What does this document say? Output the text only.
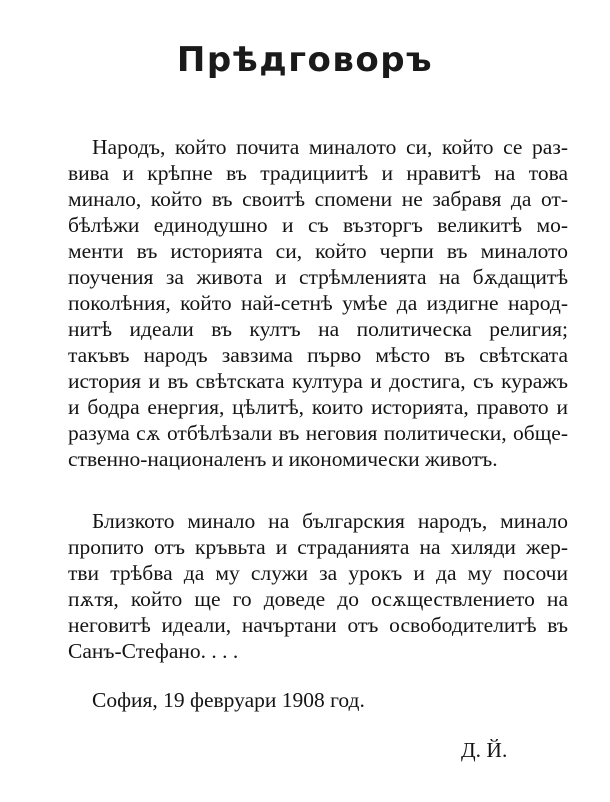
Прѣдговоръ
Народъ, който почита миналото си, който се раз-
вива и крѣпне въ традициитѣ и нравитѣ на това
минало, който въ своитѣ спомени не забравя да от-
бѣлѣжи единодушно и съ възторгъ великитѣ мо-
менти въ историята си, който черпи въ миналото
поучения за живота и стрѣмленията на бѫдащитѣ
поколѣния, който най-сетнѣ умѣе да издигне народ-
нитѣ идеали въ култъ на политическа религия;
такъвъ народъ завзима първо мѣсто въ свѣтската
история и въ свѣтската култура и достига, съ куражъ
и бодра енергия, цѣлитѣ, които историята, правото и
разума сѫ отбѣлѣзали въ неговия политически, обще-
ственно-националенъ и икономически животъ.
Близкото минало на българския народъ, минало
пропито отъ кръвьта и страданията на хиляди жер-
тви трѣбва да му служи за урокъ и да му посочи
пѫтя, който ще го доведе до осѫществлението на
неговитѣ идеали, начъртани отъ освободителитѣ въ
Санъ-Стефано. . . .
София, 19 февруари 1908 год.
Д. Й.
